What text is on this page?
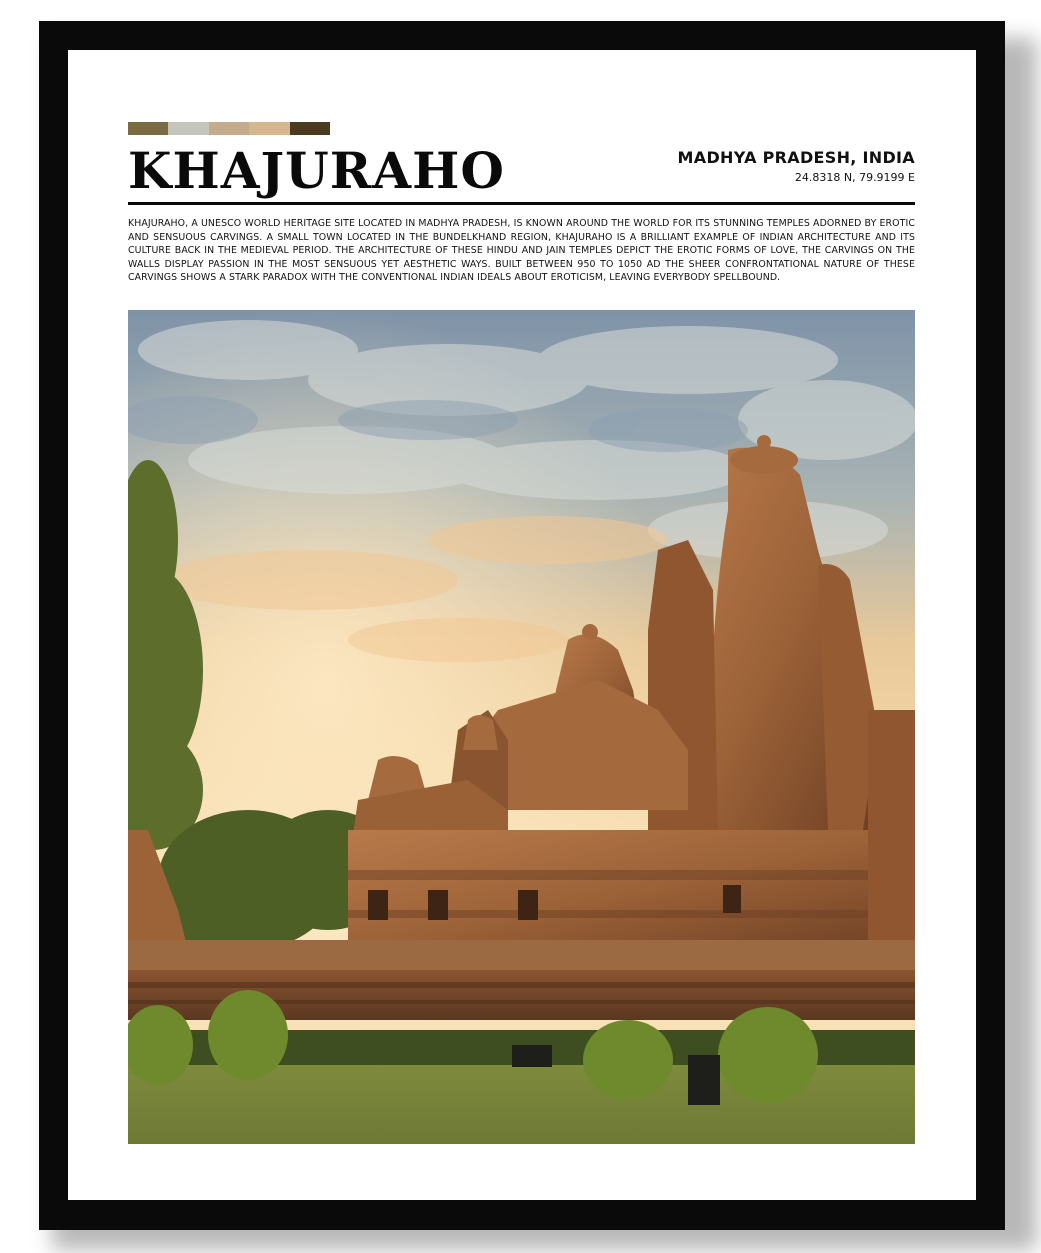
KHAJURAHO	MADHYA PRADESH, INDIA
24.8318 N, 79.9199 E

KHAJURAHO, A UNESCO WORLD HERITAGE SITE LOCATED IN MADHYA PRADESH, IS KNOWN AROUND THE WORLD FOR ITS STUNNING TEMPLES ADORNED BY EROTIC AND SENSUOUS CARVINGS. A SMALL TOWN LOCATED IN THE BUNDELKHAND REGION, KHAJURAHO IS A BRILLIANT EXAMPLE OF INDIAN ARCHITECTURE AND ITS CULTURE BACK IN THE MEDIEVAL PERIOD. THE ARCHITECTURE OF THESE HINDU AND JAIN TEMPLES DEPICT THE EROTIC FORMS OF LOVE, THE CARVINGS ON THE WALLS DISPLAY PASSION IN THE MOST SENSUOUS YET AESTHETIC WAYS. BUILT BETWEEN 950 TO 1050 AD THE SHEER CONFRONTATIONAL NATURE OF THESE CARVINGS SHOWS A STARK PARADOX WITH THE CONVENTIONAL INDIAN IDEALS ABOUT EROTICISM, LEAVING EVERYBODY SPELLBOUND.
